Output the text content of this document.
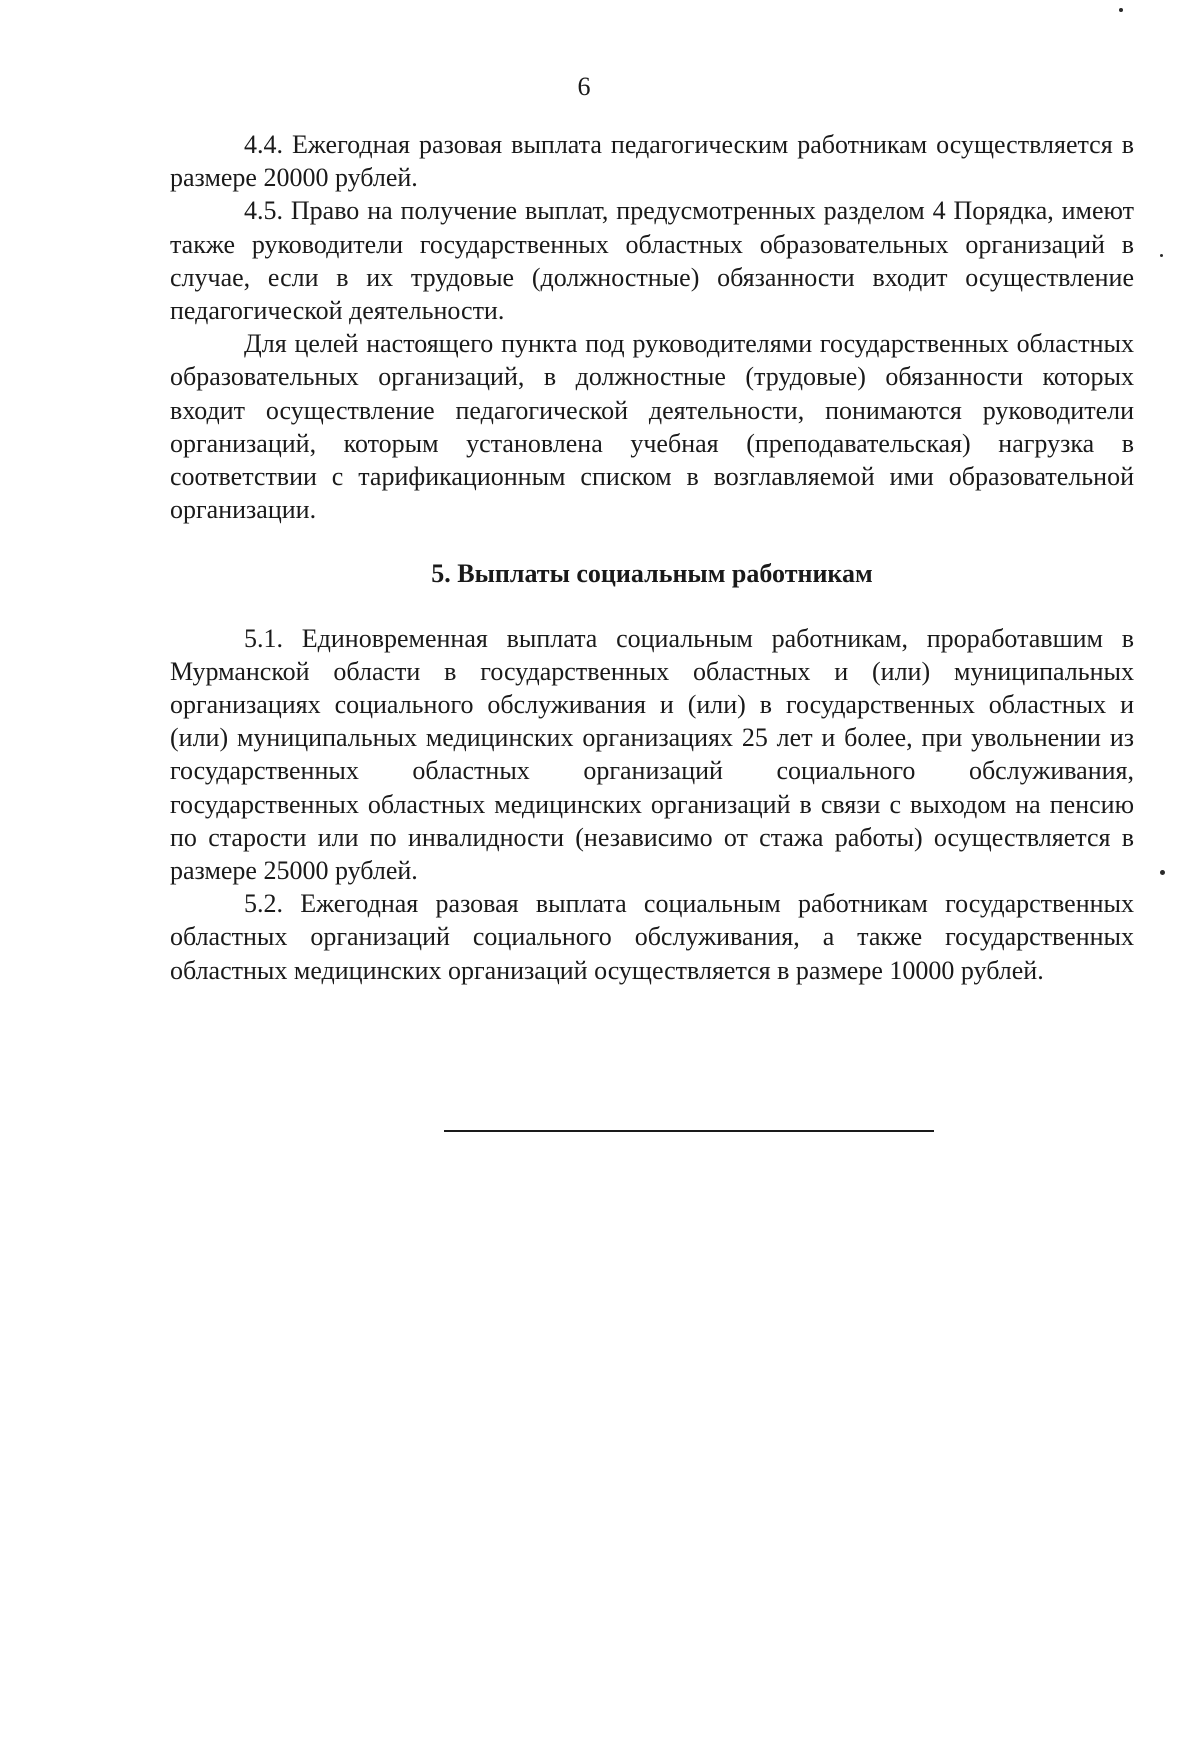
6

4.4. Ежегодная разовая выплата педагогическим работникам осуществляется в размере 20000 рублей.

4.5. Право на получение выплат, предусмотренных разделом 4 Порядка, имеют также руководители государственных областных образовательных организаций в случае, если в их трудовые (должностные) обязанности входит осуществление педагогической деятельности.

Для целей настоящего пункта под руководителями государственных областных образовательных организаций, в должностные (трудовые) обязанности которых входит осуществление педагогической деятельности, понимаются руководители организаций, которым установлена учебная (преподавательская) нагрузка в соответствии с тарификационным списком в возглавляемой ими образовательной организации.

5. Выплаты социальным работникам

5.1. Единовременная выплата социальным работникам, проработавшим в Мурманской области в государственных областных и (или) муниципальных организациях социального обслуживания и (или) в государственных областных и (или) муниципальных медицинских организациях 25 лет и более, при увольнении из государственных областных организаций социального обслуживания, государственных областных медицинских организаций в связи с выходом на пенсию по старости или по инвалидности (независимо от стажа работы) осуществляется в размере 25000 рублей.

5.2. Ежегодная разовая выплата социальным работникам государственных областных организаций социального обслуживания, а также государственных областных медицинских организаций осуществляется в размере 10000 рублей.
